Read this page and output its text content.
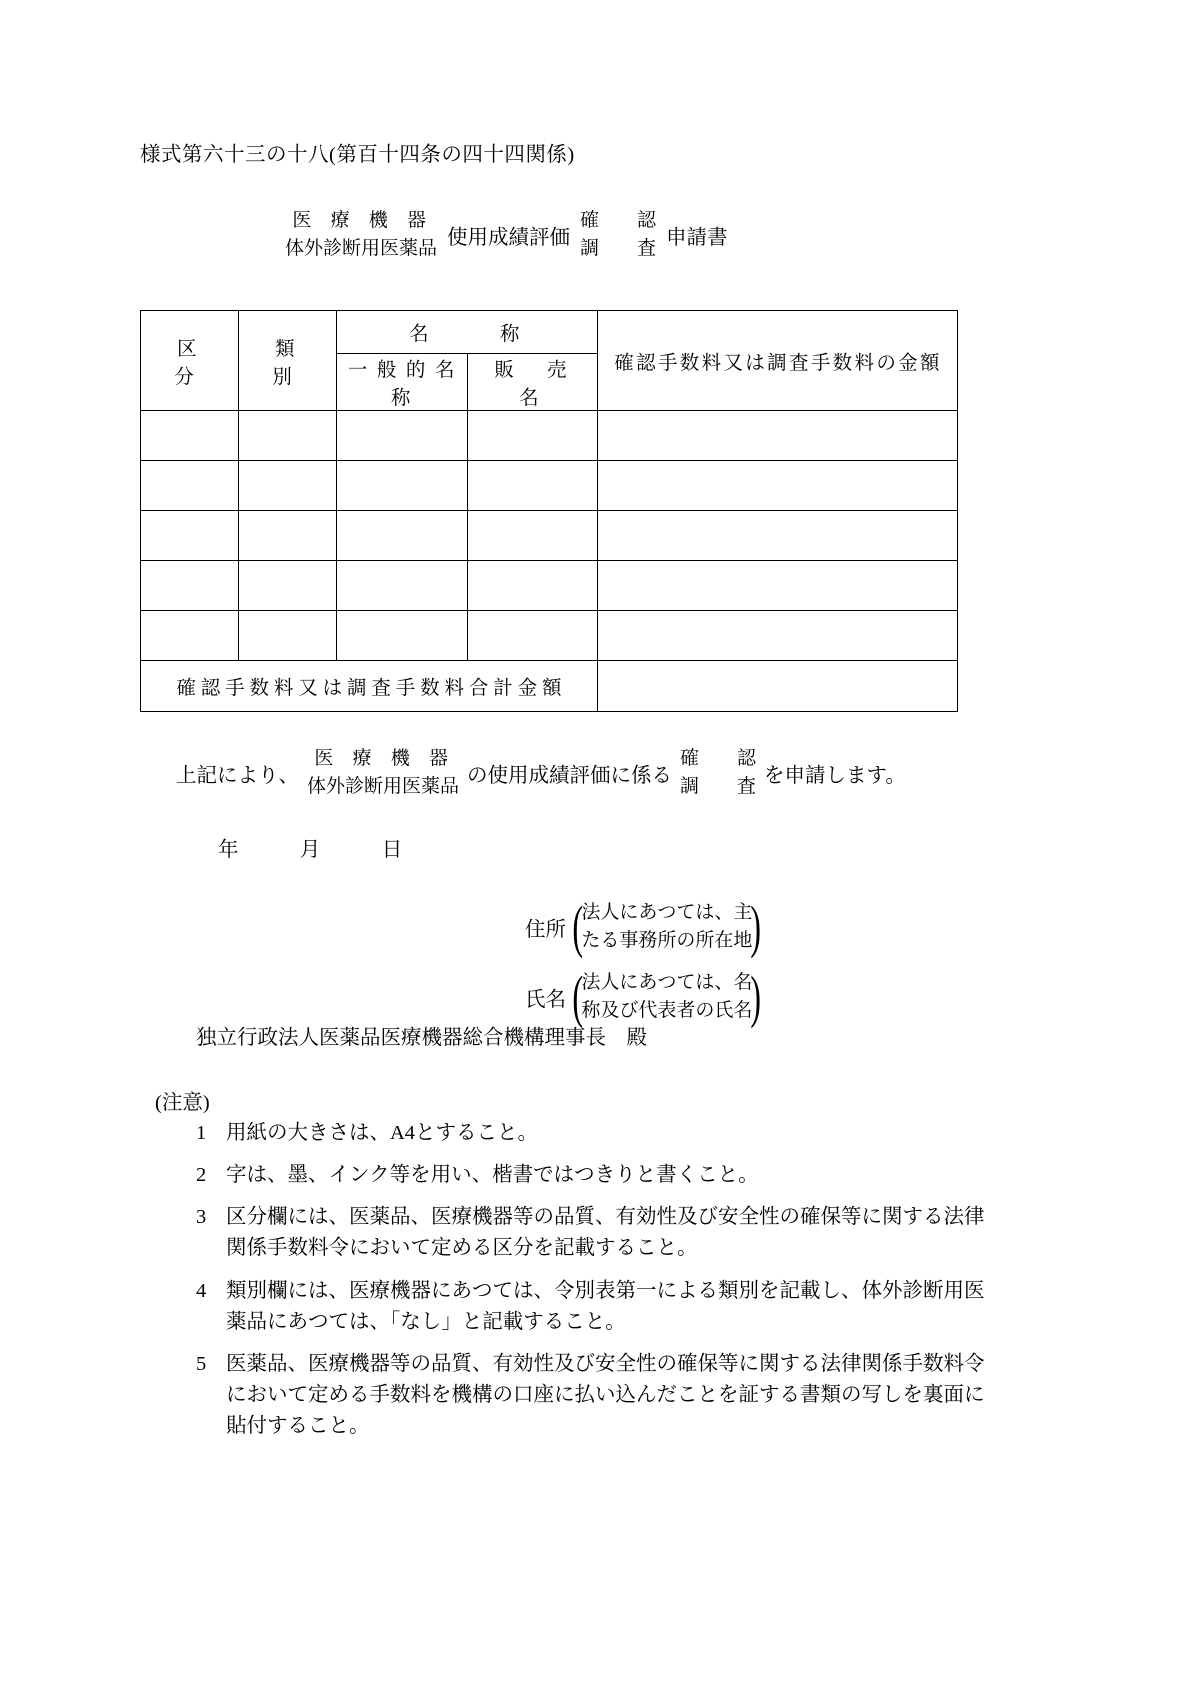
様式第六十三の十八(第百十四条の四十四関係)
医 療 機 器
体外診断用医薬品 使用成績評価
確　　認
調　　査 申請書
区　　分	類　　別	名　　称		確認手数料又は調査手数料の金額
		一 般 的 名 称	販　売　名	

確 認 手 数 料 又 は 調 査 手 数 料 合 計 金 額				
上記により、
医 療 機 器
体外診断用医薬品 の使用成績評価に係る
確　　認
調　　査 を申請します。
年	月	日
住所 (
法人にあつては、主
たる事務所の所在地
)
氏名 (
法人にあつては、名
称及び代表者の氏名
)
独立行政法人医薬品医療機器総合機構理事長　殿
(注意)
1 用紙の大きさは、A4とすること。
2 字は、墨、インク等を用い、楷書ではつきりと書くこと。
3 区分欄には、医薬品、医療機器等の品質、有効性及び安全性の確保等に関する法律関係手数料令において定める区分を記載すること。
4 類別欄には、医療機器にあつては、令別表第一による類別を記載し、体外診断用医薬品にあつては、「なし」と記載すること。
5 医薬品、医療機器等の品質、有効性及び安全性の確保等に関する法律関係手数料令において定める手数料を機構の口座に払い込んだことを証する書類の写しを裏面に貼付すること。
